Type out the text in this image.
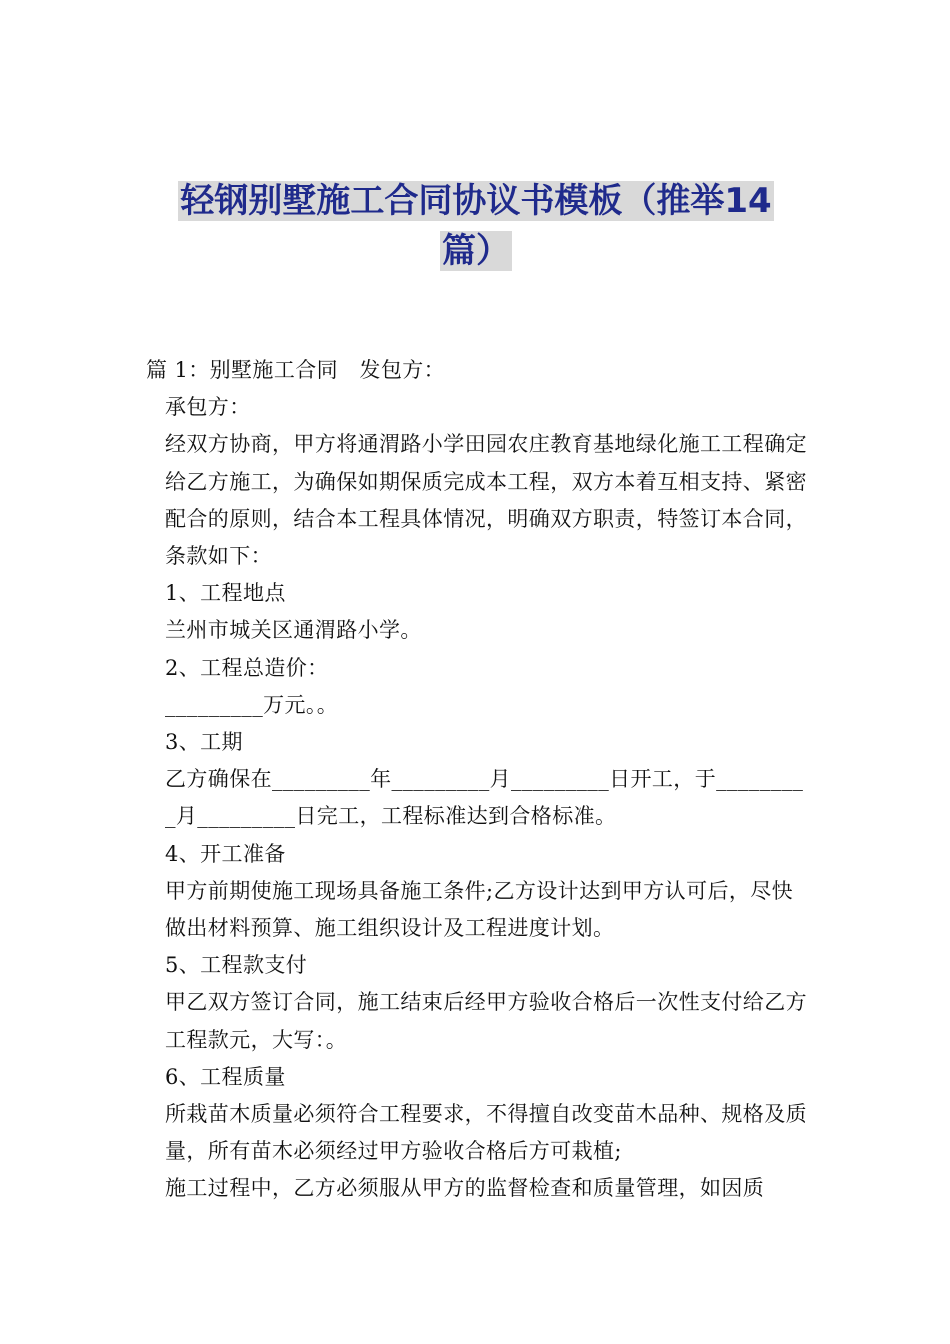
轻钢别墅施工合同协议书模板（推举14
篇）

篇 1：别墅施工合同　发包方：

承包方：

经双方协商，甲方将通渭路小学田园农庄教育基地绿化施工工程确定给乙方施工，为确保如期保质完成本工程，双方本着互相支持、紧密配合的原则，结合本工程具体情况，明确双方职责，特签订本合同，条款如下：

1、工程地点

兰州市城关区通渭路小学。

2、工程总造价：

_________万元。。

3、工期

乙方确保在_________年_________月_________日开工，于_________月_________日完工，工程标准达到合格标准。

4、开工准备

甲方前期使施工现场具备施工条件;乙方设计达到甲方认可后，尽快做出材料预算、施工组织设计及工程进度计划。

5、工程款支付

甲乙双方签订合同，施工结束后经甲方验收合格后一次性支付给乙方工程款元，大写：。

6、工程质量

所栽苗木质量必须符合工程要求，不得擅自改变苗木品种、规格及质量，所有苗木必须经过甲方验收合格后方可栽植;

施工过程中，乙方必须服从甲方的监督检查和质量管理，如因质
